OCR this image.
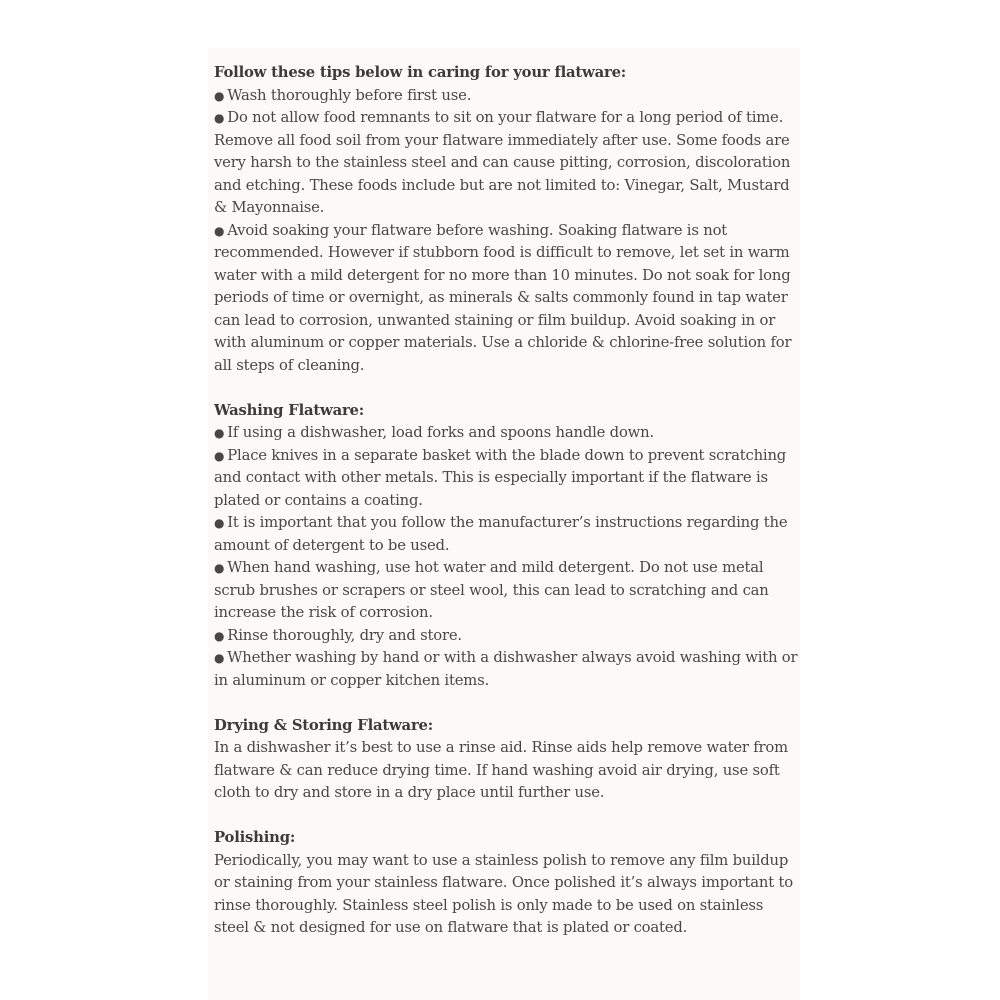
Follow these tips below in caring for your flatware:
● Wash thoroughly before first use.
● Do not allow food remnants to sit on your flatware for a long period of time. Remove all food soil from your flatware immediately after use. Some foods are very harsh to the stainless steel and can cause pitting, corrosion, discoloration and etching. These foods include but are not limited to: Vinegar, Salt, Mustard & Mayonnaise.
● Avoid soaking your flatware before washing. Soaking flatware is not recommended. However if stubborn food is difficult to remove, let set in warm water with a mild detergent for no more than 10 minutes. Do not soak for long periods of time or overnight, as minerals & salts commonly found in tap water can lead to corrosion, unwanted staining or film buildup. Avoid soaking in or with aluminum or copper materials. Use a chloride & chlorine-free solution for all steps of cleaning.
Washing Flatware:
● If using a dishwasher, load forks and spoons handle down.
● Place knives in a separate basket with the blade down to prevent scratching and contact with other metals. This is especially important if the flatware is plated or contains a coating.
● It is important that you follow the manufacturer’s instructions regarding the amount of detergent to be used.
● When hand washing, use hot water and mild detergent. Do not use metal scrub brushes or scrapers or steel wool, this can lead to scratching and can increase the risk of corrosion.
● Rinse thoroughly, dry and store.
● Whether washing by hand or with a dishwasher always avoid washing with or in aluminum or copper kitchen items.
Drying & Storing Flatware:
In a dishwasher it’s best to use a rinse aid. Rinse aids help remove water from flatware & can reduce drying time. If hand washing avoid air drying, use soft cloth to dry and store in a dry place until further use.
Polishing:
Periodically, you may want to use a stainless polish to remove any film buildup or staining from your stainless flatware. Once polished it’s always important to rinse thoroughly. Stainless steel polish is only made to be used on stainless steel & not designed for use on flatware that is plated or coated.
